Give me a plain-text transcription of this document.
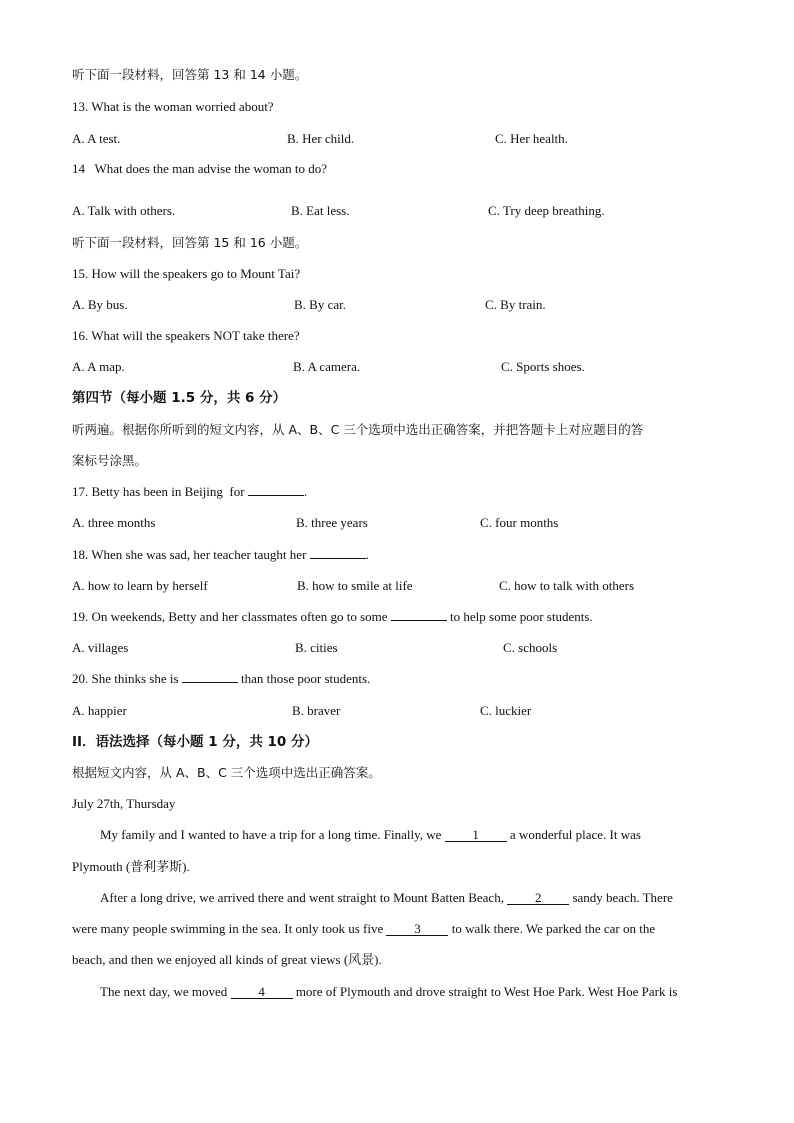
听下面一段材料，回答第 13 和 14 小题。
13. What is the woman worried about?
A. A test.	B. Her child.	C. Her health.
14   What does the man advise the woman to do?
A. Talk with others.	B. Eat less.	C. Try deep breathing.
听下面一段材料，回答第 15 和 16 小题。
15. How will the speakers go to Mount Tai?
A. By bus.	B. By car.	C. By train.
16. What will the speakers NOT take there?
A. A map.	B. A camera.	C. Sports shoes.
第四节（每小题 1.5 分，共 6 分）
听两遍。根据你所听到的短文内容，从 A、B、C 三个选项中选出正确答案，并把答题卡上对应题目的答
案标号涂黑。
17. Betty has been in Beijing  for	.
A. three months	B. three years	C. four months
18. When she was sad, her teacher taught her	.
A. how to learn by herself	B. how to smile at life	C. how to talk with others
19. On weekends, Betty and her classmates often go to some	to help some poor students.
A. villages	B. cities	C. schools
20. She thinks she is	than those poor students.
A. happier	B. braver	C. luckier
II．语法选择（每小题 1 分，共 10 分）
根据短文内容，从 A、B、C 三个选项中选出正确答案。
July 27th, Thursday
My family and I wanted to have a trip for a long time. Finally, we 1 a wonderful place. It was
Plymouth (普利茅斯).
After a long drive, we arrived there and went straight to Mount Batten Beach, 2 sandy beach. There
were many people swimming in the sea. It only took us five 3 to walk there. We parked the car on the
beach, and then we enjoyed all kinds of great views (风景).
The next day, we moved 4 more of Plymouth and drove straight to West Hoe Park. West Hoe Park is
